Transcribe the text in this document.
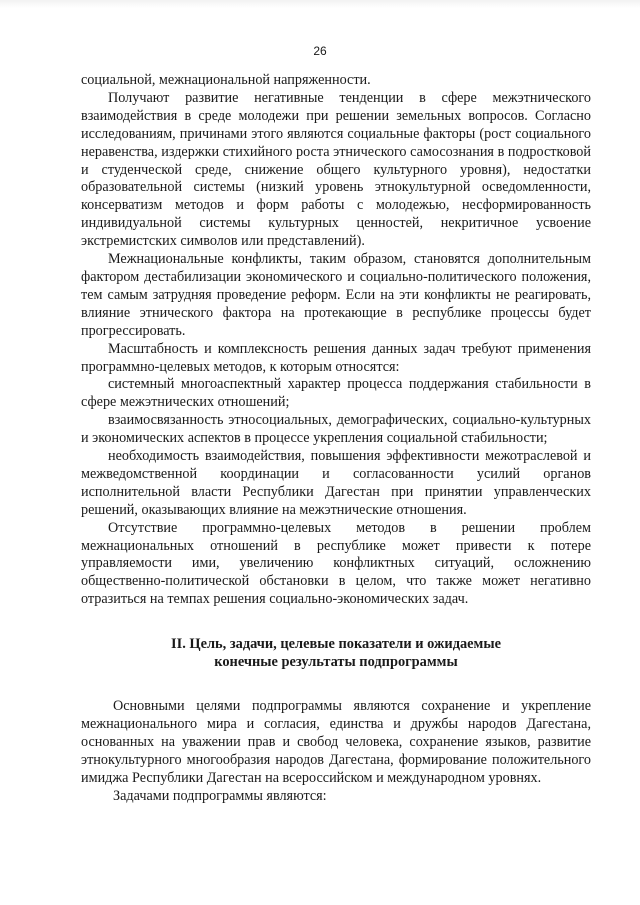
26

социальной, межнациональной напряженности.

Получают развитие негативные тенденции в сфере межэтнического взаимодействия в среде молодежи при решении земельных вопросов. Согласно исследованиям, причинами этого являются социальные факторы (рост социального неравенства, издержки стихийного роста этнического самосознания в подростковой и студенческой среде, снижение общего культурного уровня), недостатки образовательной системы (низкий уровень этнокультурной осведомленности, консерватизм методов и форм работы с молодежью, несформированность индивидуальной системы культурных ценностей, некритичное усвоение экстремистских символов или представлений).

Межнациональные конфликты, таким образом, становятся дополнительным фактором дестабилизации экономического и социально-политического положения, тем самым затрудняя проведение реформ. Если на эти конфликты не реагировать, влияние этнического фактора на протекающие в республике процессы будет прогрессировать.

Масштабность и комплексность решения данных задач требуют применения программно-целевых методов, к которым относятся:

системный многоаспектный характер процесса поддержания стабильности в сфере межэтнических отношений;

взаимосвязанность этносоциальных, демографических, социально-культурных и экономических аспектов в процессе укрепления социальной стабильности;

необходимость взаимодействия, повышения эффективности межотраслевой и межведомственной координации и согласованности усилий органов исполнительной власти Республики Дагестан при принятии управленческих решений, оказывающих влияние на межэтнические отношения.

Отсутствие программно-целевых методов в решении проблем межнациональных отношений в республике может привести к потере управляемости ими, увеличению конфликтных ситуаций, осложнению общественно-политической обстановки в целом, что также может негативно отразиться на темпах решения социально-экономических задач.

II. Цель, задачи, целевые показатели и ожидаемые
конечные результаты подпрограммы

Основными целями подпрограммы являются сохранение и укрепление межнационального мира и согласия, единства и дружбы народов Дагестана, основанных на уважении прав и свобод человека, сохранение языков, развитие этнокультурного многообразия народов Дагестана, формирование положительного имиджа Республики Дагестан на всероссийском и международном уровнях.

Задачами подпрограммы являются:
